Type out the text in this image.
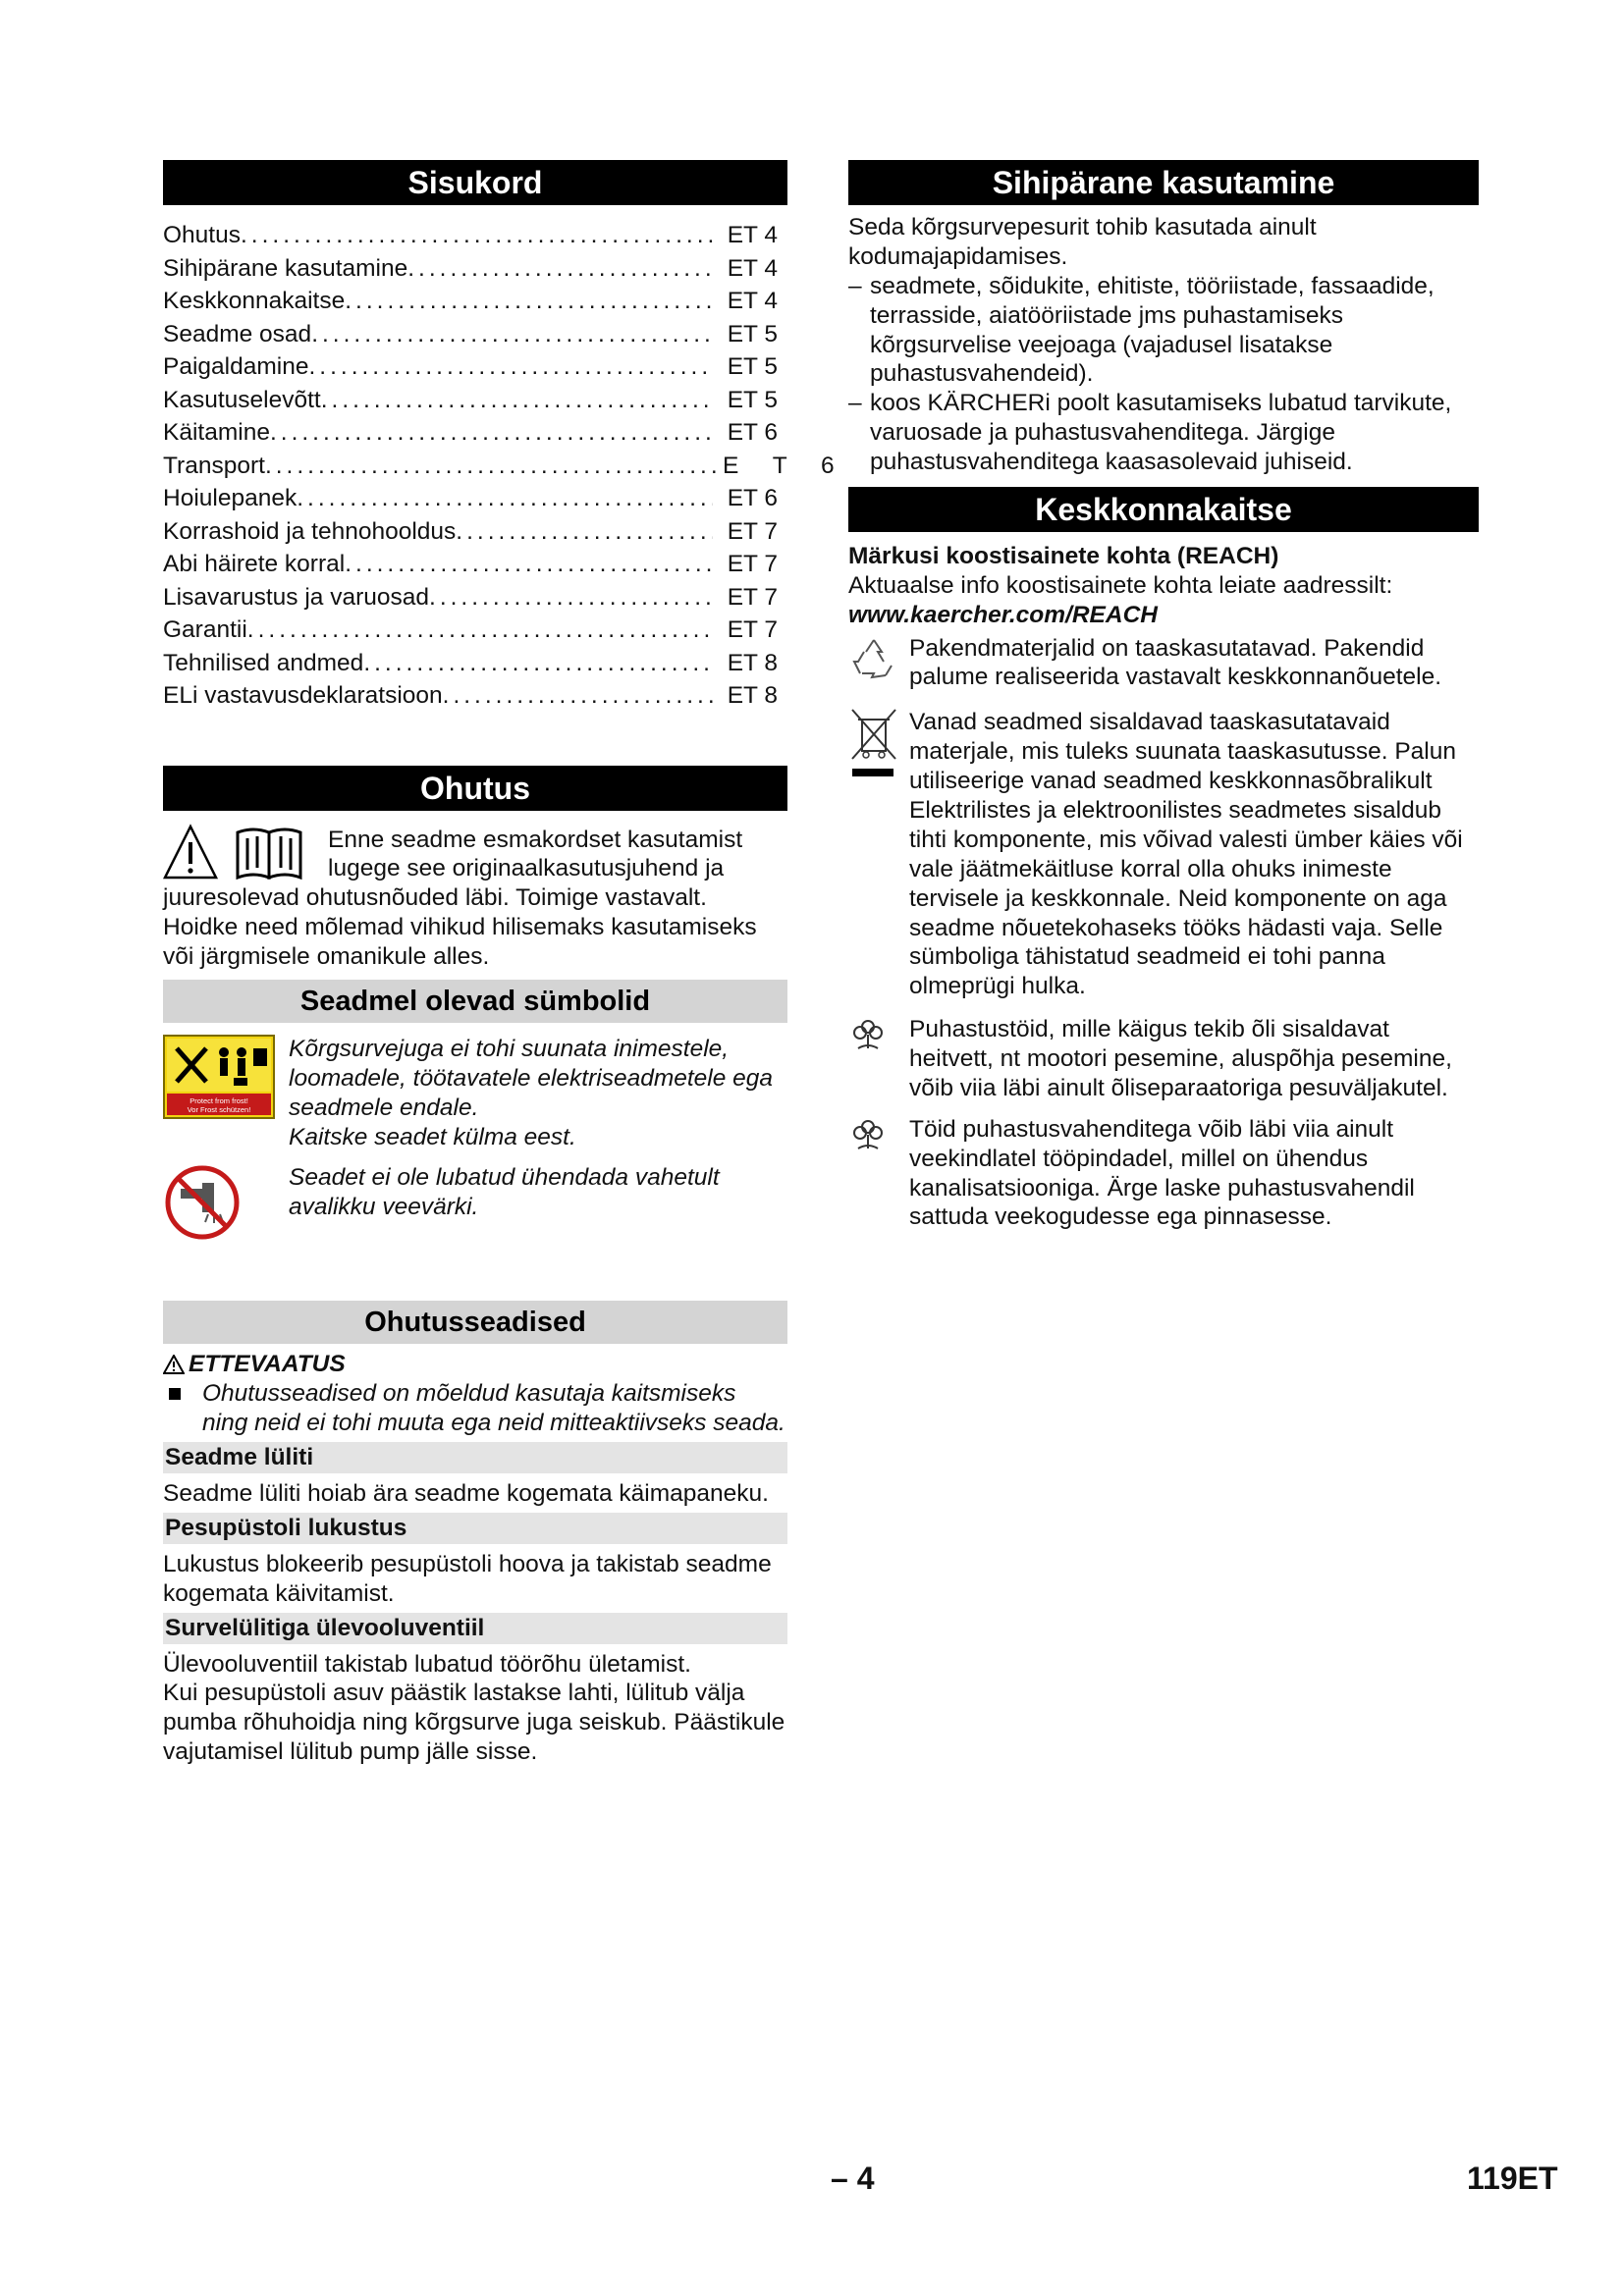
Sisukord
Ohutus .....	ET 4
Sihipärane kasutamine .....	ET 4
Keskkonnakaitse .....	ET 4
Seadme osad .....	ET 5
Paigaldamine .....	ET 5
Kasutuselevõtt .....	ET 5
Käitamine .....	ET 6
Transport .....	E T 6
Hoiulepanek .....	ET 6
Korrashoid ja tehnohooldus .....	ET 7
Abi häirete korral .....	ET 7
Lisavarustus ja varuosad .....	ET 7
Garantii .....	ET 7
Tehnilised andmed .....	ET 8
ELi vastavusdeklaratsioon .....	ET 8
Ohutus

Enne seadme esmakordset kasutamist lugege see originaalkasutusjuhend ja juuresolevad ohutusnõuded läbi. Toimige vastavalt. Hoidke need mõlemad vihikud hilisemaks kasutamiseks või järgmisele omanikule alles.

Seadmel olevad sümbolid
Protect from frost!
Vor Frost schützen!

Kõrgsurvejuga ei tohi suunata inimestele, loomadele, töötavatele elektriseadmetele ega seadmele endale.

Kaitske seadet külma eest.

Seadet ei ole lubatud ühendada vahetult avalikku veevärki.

Ohutusseadised
ETTEVAATUS

Ohutusseadised on mõeldud kasutaja kaitsmiseks ning neid ei tohi muuta ega neid mitteaktiivseks seada.

Seadme lüliti

Seadme lüliti hoiab ära seadme kogemata käimapaneku.

Pesupüstoli lukustus

Lukustus blokeerib pesupüstoli hoova ja takistab seadme kogemata käivitamist.

Survelülitiga ülevooluventiil

Ülevooluventiil takistab lubatud töörõhu ületamist.

Kui pesupüstoli asuv päästik lastakse lahti, lülitub välja pumba rõhuhoidja ning kõrgsurve juga seiskub. Päästikule vajutamisel lülitub pump jälle sisse.

Sihipärane kasutamine

Seda kõrgsurvepesurit tohib kasutada ainult kodumajapidamises.

– seadmete, sõidukite, ehitiste, tööriistade, fassaadide, terrasside, aiatööriistade jms puhastamiseks kõrgsurvelise veejoaga (vajadusel lisatakse puhastusvahendeid).

– koos KÄRCHERi poolt kasutamiseks lubatud tarvikute, varuosade ja puhastusvahenditega. Järgige puhastusvahenditega kaasasolevaid juhiseid.

Keskkonnakaitse

Märkusi koostisainete kohta (REACH)

Aktuaalse info koostisainete kohta leiate aadressilt:

www.kaercher.com/REACH

Pakendmaterjalid on taaskasutatavad. Pakendid palume realiseerida vastavalt keskkonnanõuetele.

Vanad seadmed sisaldavad taaskasutatavaid materjale, mis tuleks suunata taaskasutusse. Palun utiliseerige vanad seadmed keskkonnasõbralikult Elektrilistes ja elektroonilistes seadmetes sisaldub tihti komponente, mis võivad valesti ümber käies või vale jäätmekäitluse korral olla ohuks inimeste tervisele ja keskkonnale. Neid komponente on aga seadme nõuetekohaseks tööks hädasti vaja. Selle sümboliga tähistatud seadmeid ei tohi panna olmeprügi hulka.

Puhastustöid, mille käigus tekib õli sisaldavat heitvett, nt mootori pesemine, aluspõhja pesemine, võib viia läbi ainult õliseparaatoriga pesuväljakutel.

Töid puhastusvahenditega võib läbi viia ainult veekindlatel tööpindadel, millel on ühendus kanalisatsiooniga. Ärge laske puhastusvahendil sattuda veekogudesse ega pinnasesse.

– 4	119ET
